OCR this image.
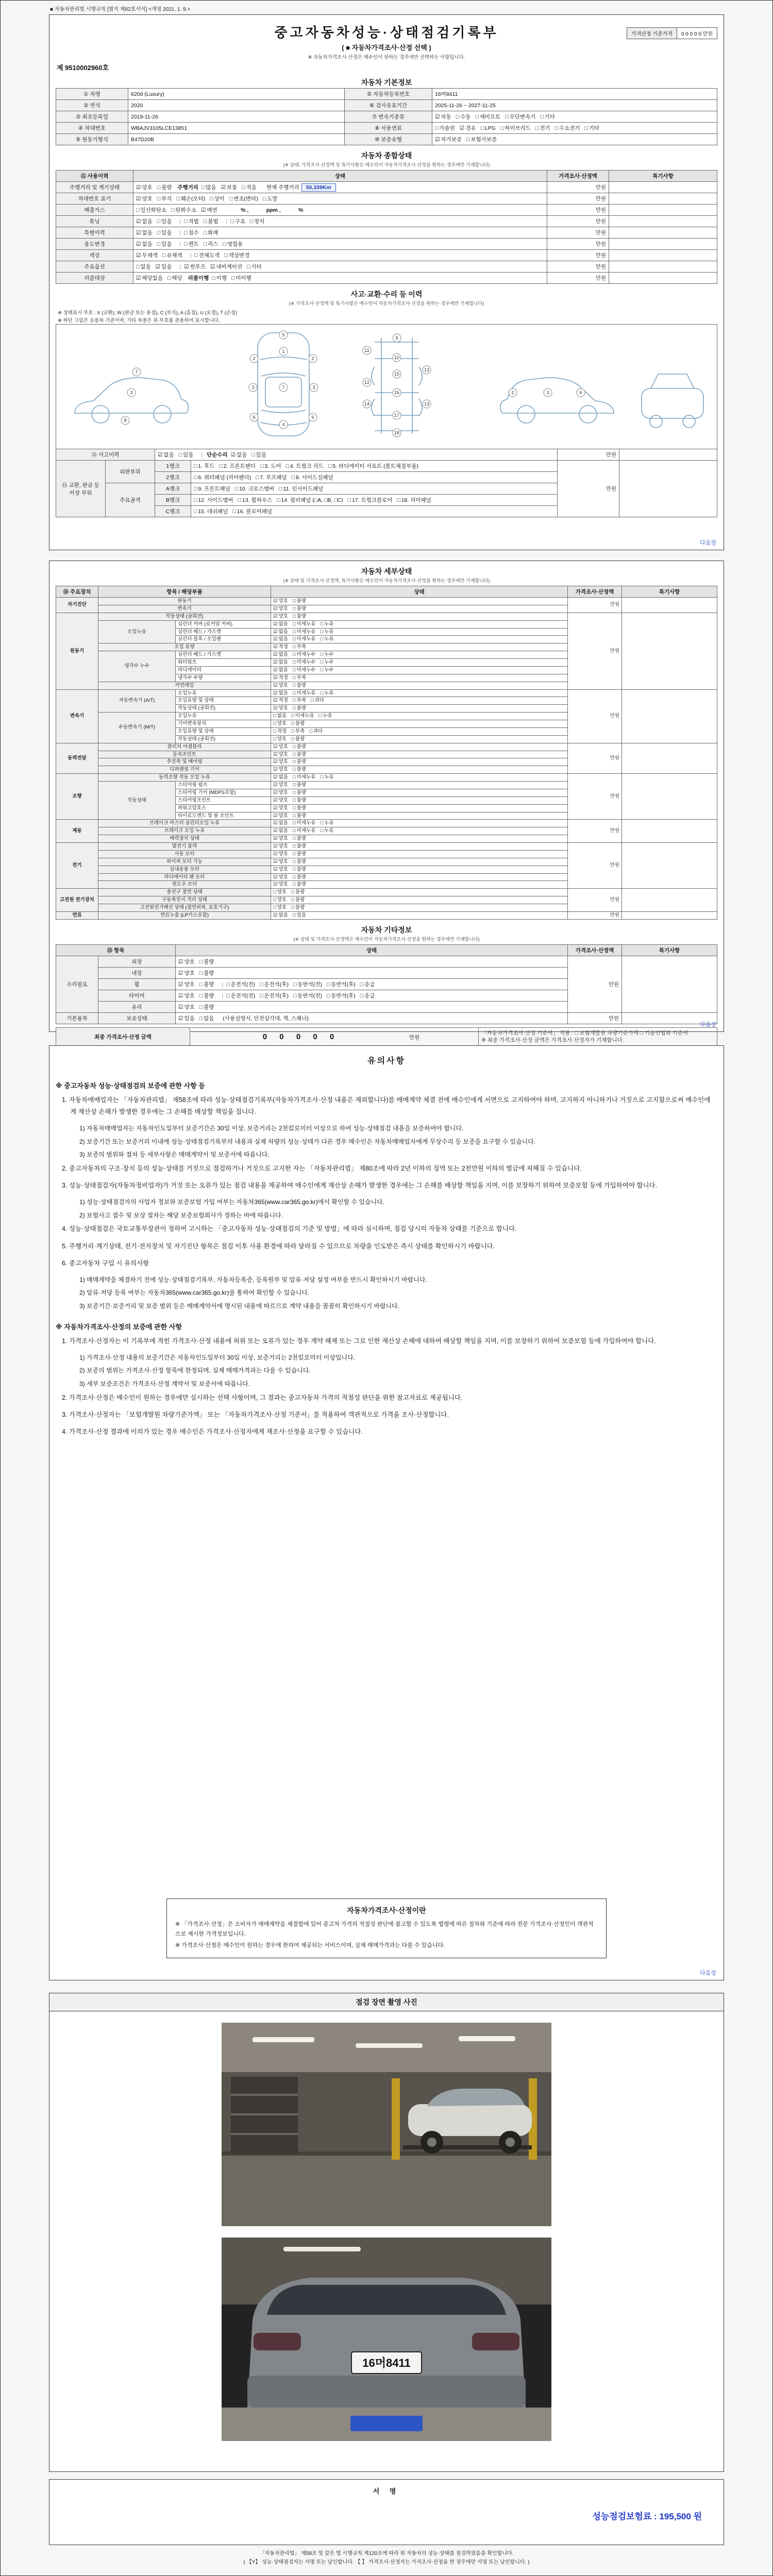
■ 자동차관리법 시행규칙 [별지 제82호서식] <개정 2021. 1. 9.>
중고자동차성능·상태점검기록부
( ■ 자동차가격조사·산정 선택 )
※ 자동차가격조사·산정은 매수인이 원하는 경우에만 선택하는 사항입니다.
가격산정 기준가격	0 0 0 0 0 만원
제 9510002960호
자동차 기본정보
① 차명	620d (Luxury)	⑤ 자동차등록번호	16머8411
② 연식	2020	⑥ 검사유효기간	2025-11-26 ~ 2027-11-25
③ 최초등록일	2019-11-26	⑦ 변속기종류	☑ 자동 □ 수동 □ 세미오토 □ 무단변속기 □ 기타
④ 차대번호	WBAJV3105LCE13851	⑧ 사용연료	□ 가솔린 ☑ 경유 □ LPG □ 하이브리드 □ 전기 □ 수소전기 □ 기타
⑨ 원동기형식	B47D20B	⑩ 보증유형	☑ 자가보증 □ 보험사보증
자동차 종합상태
(※ 상태, 가격조사·산정액 및 특기사항은 매수인이 자동차가격조사·산정을 원하는 경우에만 기재합니다)
⑪ 사용이력	상태	가격조사·산정액	특기사항
주행거리 및 계기상태	☑ 양호 □ 불량 주행거리 □ 많음 ☑ 보통 □ 적음 현재 주행거리 50,339Km	만원	
차대번호 표기	☑ 양호 □ 부식 □ 훼손(오타) □ 상이 □ 변조(변타) □ 도말	만원	
배출가스	□ 일산화탄소 □ 탄화수소 ☑ 매연　　　 % ,　　　 ppm ,　　　 %	만원	
튜닝	☑ 없음 □ 있음 | □ 적법 □ 불법 | □ 구조 □ 장치	만원	
특별이력	☑ 없음 □ 있음 | □ 침수 □ 화재	만원	
용도변경	☑ 없음 □ 있음 | □ 렌트 □ 리스 □ 영업용	만원	
색상	☑ 무채색 □ 유채색 | □ 전체도색 □ 색상변경	만원	
주요옵션	□ 없음 ☑ 있음 | ☑ 썬루프 ☑ 네비게이션 □ 기타	만원	
리콜대상	☑ 해당없음 □ 해당 리콜이행 □ 이행 □ 미이행	만원	
사고·교환·수리 등 이력
(※ 가격조사·산정액 및 특기사항은 매수인이 자동차가격조사·산정을 원하는 경우에만 기재합니다)
※ 상태표시 부호 : X (교환), W (판금 또는 용접), C (부식), A (흠집), U (요철), T (손상)
※ 하단 그림은 승용차 기준이며, 기타 차종은 위 부호를 준용하여 표시합니다.
1
2	2
3	3
7
6	6
4
5
9
10
11
12
13
13
14
15
16
17
18
3
7
8
3	6
2
⑫ 사고이력		☑ 없음 □ 있음 | 단순수리 ☑ 없음 □ 있음		만원	
⑬ 교환, 판금 등 이상 부위	외판부위	1랭크	□ 1. 후드 □ 2. 프론트펜더 □ 3. 도어 □ 4. 트렁크 리드 □ 5. 라디에이터 서포트 (볼트체결부품)	만원	
		2랭크	□ 6. 쿼터패널 (리어펜더) □ 7. 루프패널 □ 8. 사이드실패널		
	주요골격	A랭크	□ 9. 프론트패널 □ 10. 크로스멤버 □ 11. 인사이드패널		
		B랭크	□ 12. 사이드멤버 □ 13. 휠하우스 □ 14. 필러패널 (□A, □B, □C) □ 17. 트렁크플로어 □ 18. 리어패널		
		C랭크	□ 15. 대쉬패널 □ 16. 플로어패널		
다음장
자동차 세부상태
(※ 상태 및 가격조사·산정액, 특기사항은 매수인이 자동차가격조사·산정을 원하는 경우에만 기재합니다)
⑭ 주요장치	항목 / 해당부품		상태	가격조사·산정액	특기사항
자기진단	원동기		☑ 양호 □ 불량	만원	
	변속기		☑ 양호 □ 불량		
원동기	작동상태 (공회전)		☑ 양호 □ 불량	만원	
	오일누유	실린더 커버 (로커암 커버)	☑ 없음 □ 미세누유 □ 누유		
		실린더 헤드 / 가스켓	☑ 없음 □ 미세누유 □ 누유		
		실린더 블록 / 오일팬	☑ 없음 □ 미세누유 □ 누유		
	오일 유량		☑ 적정 □ 부족		
	냉각수 누수	실린더 헤드 / 가스켓	☑ 없음 □ 미세누수 □ 누수		
		워터펌프	☑ 없음 □ 미세누수 □ 누수		
		라디에이터	☑ 없음 □ 미세누수 □ 누수		
		냉각수 수량	☑ 적정 □ 부족		
	커먼레일		☑ 양호 □ 불량		
변속기	자동변속기 (A/T)	오일누유	☑ 없음 □ 미세누유 □ 누유	만원	
		오일유량 및 상태	☑ 적정 □ 부족 □ 과다		
		작동상태 (공회전)	☑ 양호 □ 불량		
	수동변속기 (M/T)	오일누유	□ 없음 □ 미세누유 □ 누유		
		기어변속장치	□ 양호 □ 불량		
		오일유량 및 상태	□ 적정 □ 부족 □ 과다		
		작동상태 (공회전)	□ 양호 □ 불량		
동력전달	클러치 어셈블리		☑ 양호 □ 불량	만원	
	등속조인트		☑ 양호 □ 불량		
	추진축 및 베어링		☑ 양호 □ 불량		
	디퍼렌셜 기어		☑ 양호 □ 불량		
조향	동력조향 작동 오일 누유		☑ 없음 □ 미세누유 □ 누유	만원	
	작동상태	스티어링 펌프	☑ 양호 □ 불량		
		스티어링 기어 (MDPS포함)	☑ 양호 □ 불량		
		스티어링조인트	☑ 양호 □ 불량		
		파워고압호스	☑ 양호 □ 불량		
		타이로드엔드 및 볼 조인트	☑ 양호 □ 불량		
제동	브레이크 마스터 실린더오일 누유		☑ 없음 □ 미세누유 □ 누유	만원	
	브레이크 오일 누유		☑ 없음 □ 미세누유 □ 누유		
	배력장치 상태		☑ 양호 □ 불량		
전기	발전기 출력		☑ 양호 □ 불량	만원	
	시동 모터		☑ 양호 □ 불량		
	와이퍼 모터 기능		☑ 양호 □ 불량		
	실내송풍 모터		☑ 양호 □ 불량		
	라디에이터 팬 모터		☑ 양호 □ 불량		
	윈도우 모터		☑ 양호 □ 불량		
고전원 전기장치	충전구 절연 상태		□ 양호 □ 불량	만원	
	구동축전지 격리 상태		□ 양호 □ 불량		
	고전원전기배선 상태 (절연피복, 보호기구)		□ 양호 □ 불량		
연료	연료누출 (LP가스포함)		☑ 없음 □ 있음	만원	
자동차 기타정보
(※ 상태 및 가격조사·산정액은 매수인이 자동차가격조사·산정을 원하는 경우에만 기재합니다)
⑮ 항목		상태	가격조사·산정액	특기사항
수리필요	외장	☑ 양호 □ 불량	만원	
	내장	☑ 양호 □ 불량		
	휠	☑ 양호 □ 불량 | □ 운전석(전) □ 운전석(후) □ 동반석(전) □ 동반석(후) □ 응급		
	타이어	☑ 양호 □ 불량 | □ 운전석(전) □ 운전석(후) □ 동반석(전) □ 동반석(후) □ 응급		
	유리	☑ 양호 □ 불량		
기본품목	보유상태	☑ 있음 □ 없음 (사용설명서, 안전삼각대, 잭, 스패너)	만원	
최종 가격조사·산정 금액	0 0 0 0 0	만원	
「자동차가격조사·산정 기준서」 적용 : □ 보험개발원 차량기준가액 □ 기술인협회 기준서
※ 최종 가격조사·산정 금액은 가격조사·산정자가 기재합니다.

다음장
유의사항
※ 중고자동차 성능·상태점검의 보증에 관한 사항 등
1. 자동차매매업자는 「자동차관리법」 제58조에 따라 성능·상태점검기록부(자동차가격조사·산정 내용은 제외합니다)를 매매계약 체결 전에 매수인에게 서면으로 고지하여야 하며, 고지하지 아니하거나 거짓으로 고지함으로써 매수인에게 재산상 손해가 발생한 경우에는 그 손해를 배상할 책임을 집니다.
1) 자동차매매업자는 자동차인도일부터 보증기간은 30일 이상, 보증거리는 2천킬로미터 이상으로 하여 성능·상태점검 내용을 보증하여야 합니다.
2) 보증기간 또는 보증거리 이내에 성능·상태점검기록부의 내용과 실제 차량의 성능·상태가 다른 경우 매수인은 자동차매매업자에게 무상수리 등 보증을 요구할 수 있습니다.
3) 보증의 범위와 절차 등 세부사항은 매매계약서 및 보증서에 따릅니다.
2. 중고자동차의 구조·장치 등의 성능·상태를 거짓으로 점검하거나 거짓으로 고지한 자는 「자동차관리법」 제80조에 따라 2년 이하의 징역 또는 2천만원 이하의 벌금에 처해질 수 있습니다.
3. 성능·상태점검자(자동차정비업자)가 거짓 또는 오류가 있는 점검 내용을 제공하여 매수인에게 재산상 손해가 발생한 경우에는 그 손해를 배상할 책임을 지며, 이를 보장하기 위하여 보증보험 등에 가입하여야 합니다.
1) 성능·상태점검자의 사업자 정보와 보증보험 가입 여부는 자동차365(www.car365.go.kr)에서 확인할 수 있습니다.
2) 보험사고 접수 및 보상 절차는 해당 보증보험회사가 정하는 바에 따릅니다.
4. 성능·상태점검은 국토교통부장관이 정하여 고시하는 「중고자동차 성능·상태점검의 기준 및 방법」에 따라 실시하며, 점검 당시의 자동차 상태를 기준으로 합니다.
5. 주행거리·계기상태, 전기·전자장치 및 자기진단 항목은 점검 이후 사용 환경에 따라 달라질 수 있으므로 차량을 인도받은 즉시 상태를 확인하시기 바랍니다.
6. 중고자동차 구입 시 유의사항
1) 매매계약을 체결하기 전에 성능·상태점검기록부, 자동차등록증, 등록원부 및 압류·저당 설정 여부를 반드시 확인하시기 바랍니다.
2) 압류·저당 등록 여부는 자동차365(www.car365.go.kr)를 통하여 확인할 수 있습니다.
3) 보증기간·보증거리 및 보증 범위 등은 매매계약서에 명시된 내용에 따르므로 계약 내용을 꼼꼼히 확인하시기 바랍니다.
※ 자동차가격조사·산정의 보증에 관한 사항
1. 가격조사·산정자는 이 기록부에 적힌 가격조사·산정 내용에 허위 또는 오류가 있는 경우 계약 해제 또는 그로 인한 재산상 손해에 대하여 배상할 책임을 지며, 이를 보장하기 위하여 보증보험 등에 가입하여야 합니다.
1) 가격조사·산정 내용의 보증기간은 자동차인도일부터 30일 이상, 보증거리는 2천킬로미터 이상입니다.
2) 보증의 범위는 가격조사·산정 항목에 한정되며, 실제 매매가격과는 다를 수 있습니다.
3) 세부 보증조건은 가격조사·산정 계약서 및 보증서에 따릅니다.
2. 가격조사·산정은 매수인이 원하는 경우에만 실시하는 선택 사항이며, 그 결과는 중고자동차 가격의 적절성 판단을 위한 참고자료로 제공됩니다.
3. 가격조사·산정자는 「보험개발원 차량기준가액」 또는 「자동차가격조사·산정 기준서」를 적용하여 객관적으로 가격을 조사·산정합니다.
4. 가격조사·산정 결과에 이의가 있는 경우 매수인은 가격조사·산정자에게 재조사·산정을 요구할 수 있습니다.
자동차가격조사·산정이란

※ 「가격조사·산정」은 소비자가 매매계약을 체결함에 있어 중고차 가격의 적절성 판단에 참고할 수 있도록 법령에 따른 절차와 기준에 따라 전문 가격조사·산정인이 객관적으로 제시한 가격정보입니다.

※ 가격조사·산정은 매수인이 원하는 경우에 한하여 제공되는 서비스이며, 실제 매매가격과는 다를 수 있습니다.

다음장
점검 장면 촬영 사진
16머8411
서 명
성능점검보험료 : 195,500 원
「자동차관리법」 제58조 및 같은 법 시행규칙 제120조에 따라 위 자동차의 성능·상태를 점검하였음을 확인합니다.
( 【Y】 성능·상태점검자는 서명 또는 날인합니다. 【 】 가격조사·산정자는 가격조사·산정을 한 경우에만 서명 또는 날인합니다. )
